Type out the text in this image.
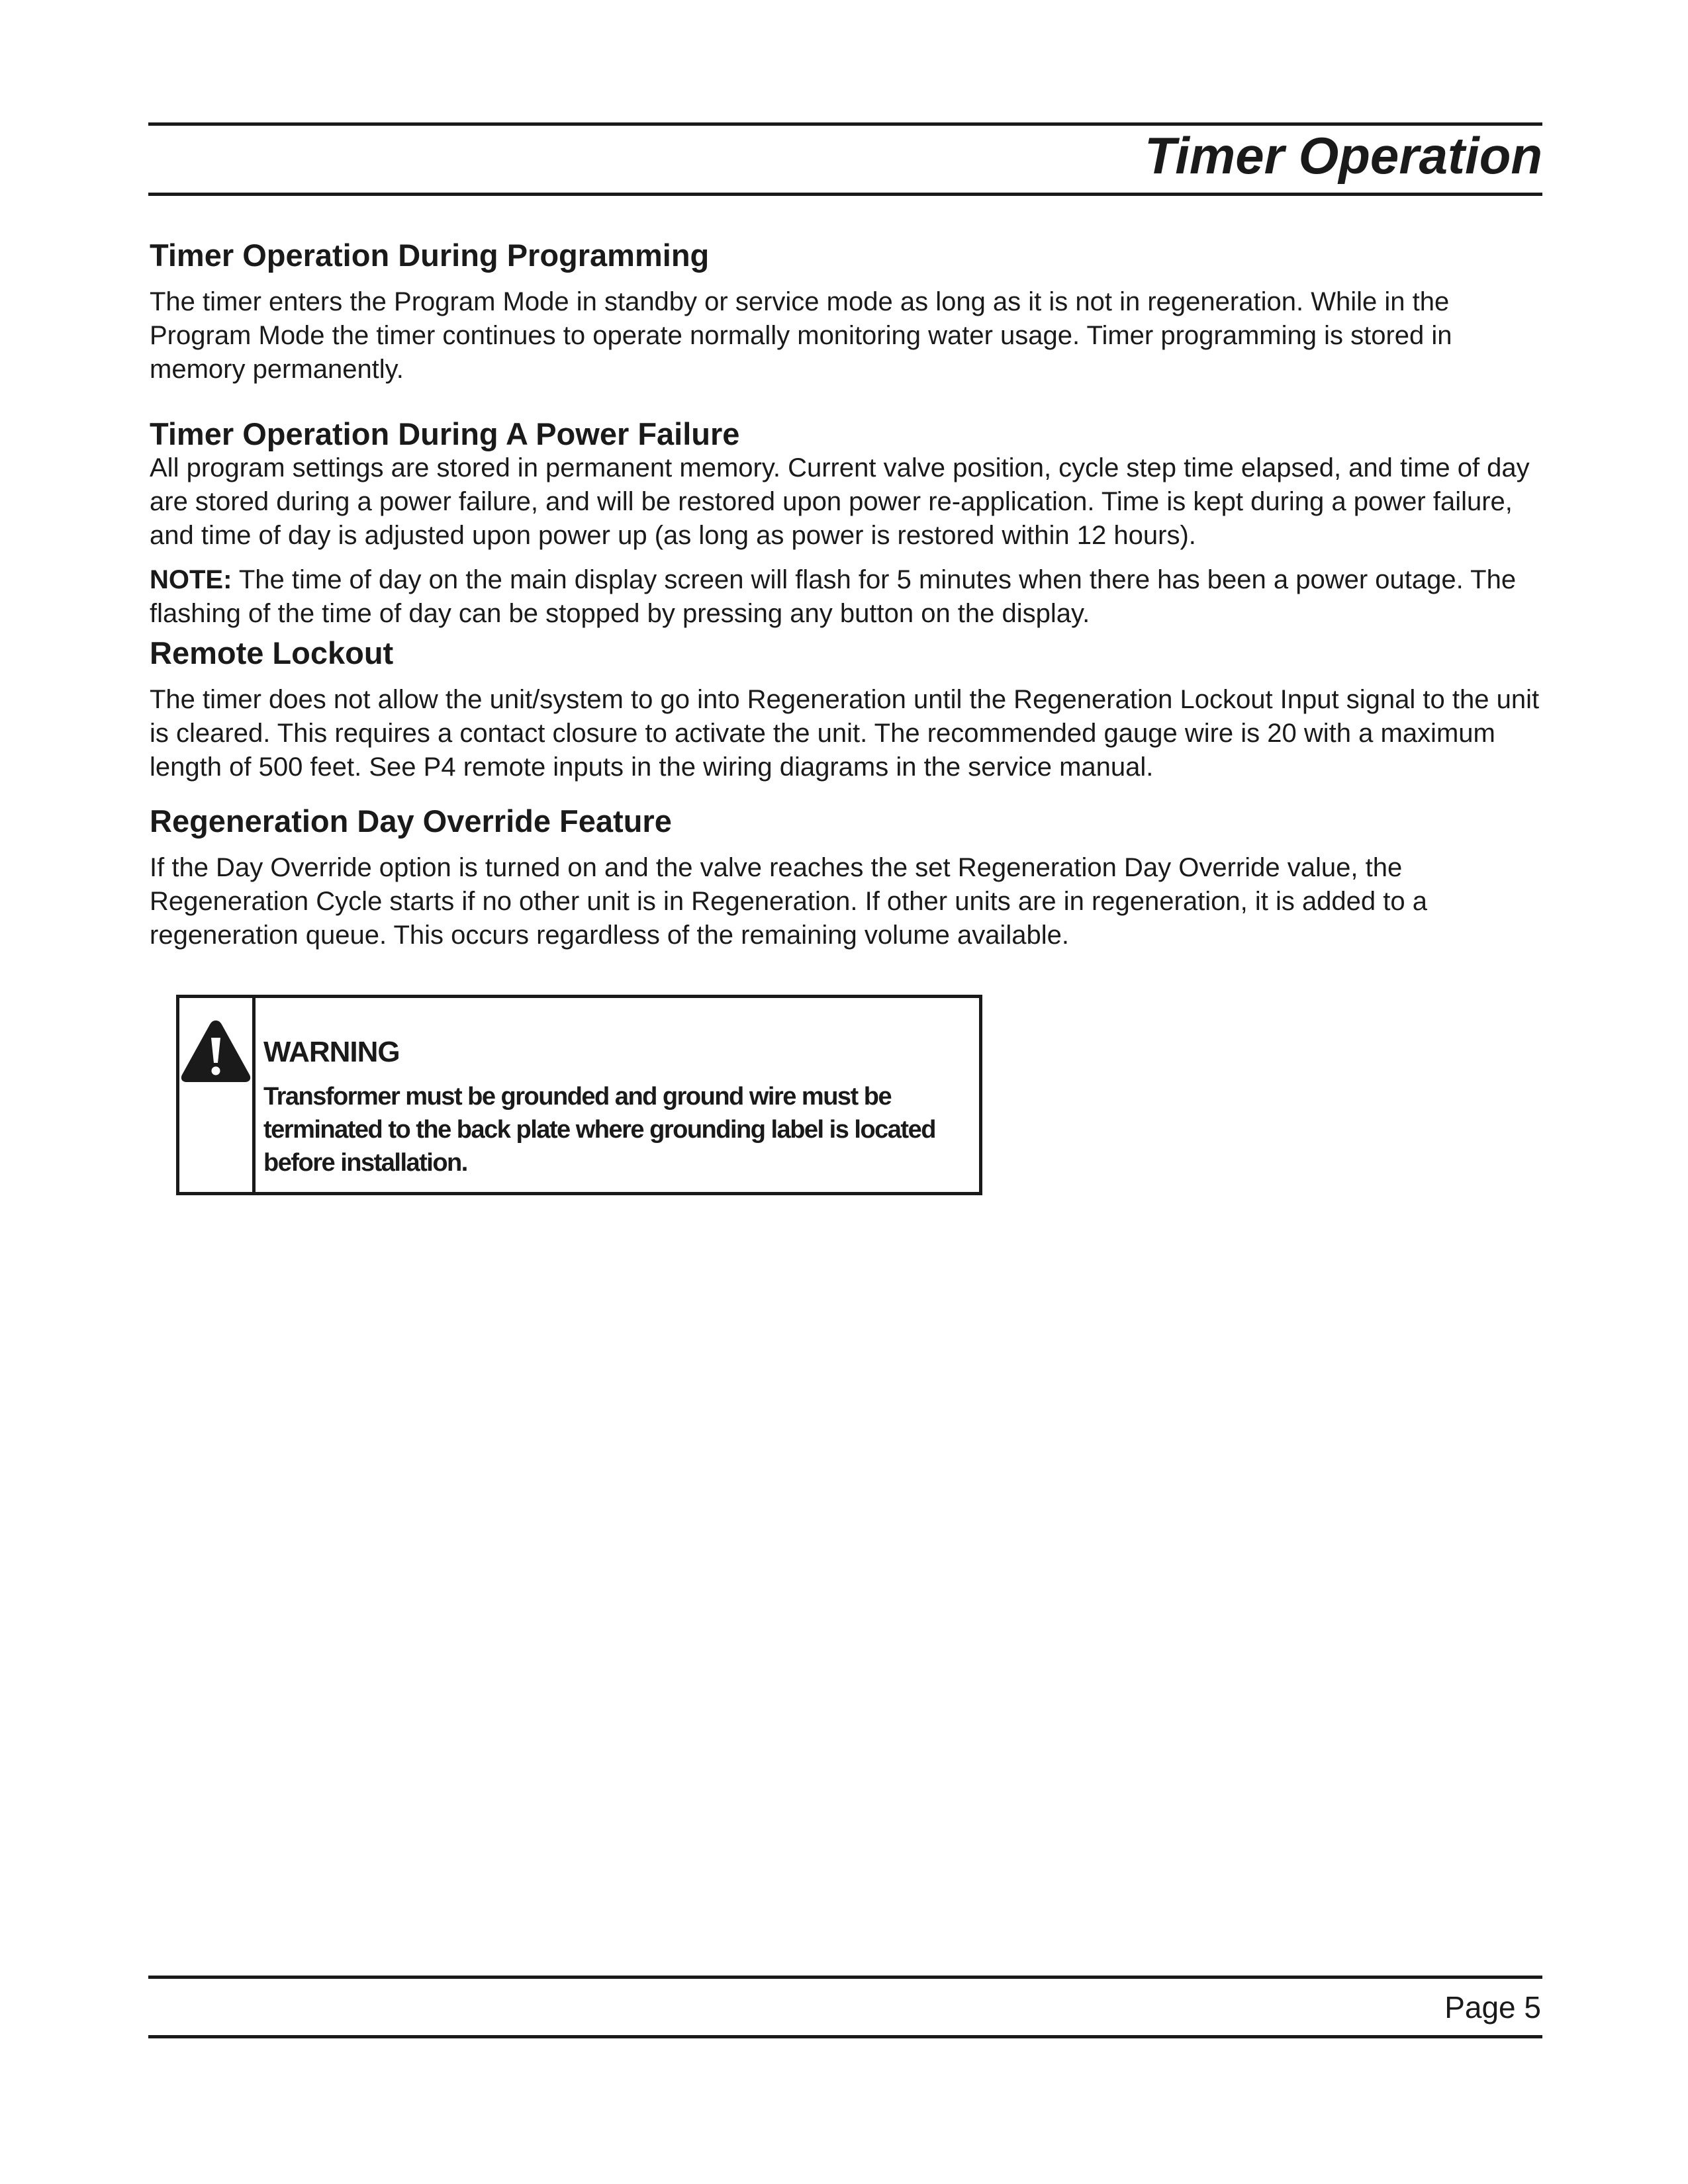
Timer Operation
Timer Operation During Programming

The timer enters the Program Mode in standby or service mode as long as it is not in regeneration. While in the Program Mode the timer continues to operate normally monitoring water usage. Timer programming is stored in memory permanently.

Timer Operation During A Power Failure

All program settings are stored in permanent memory. Current valve position, cycle step time elapsed, and time of day are stored during a power failure, and will be restored upon power re-application. Time is kept during a power failure, and time of day is adjusted upon power up (as long as power is restored within 12 hours).

NOTE: The time of day on the main display screen will flash for 5 minutes when there has been a power outage. The flashing of the time of day can be stopped by pressing any button on the display.

Remote Lockout

The timer does not allow the unit/system to go into Regeneration until the Regeneration Lockout Input signal to the unit is cleared. This requires a contact closure to activate the unit. The recommended gauge wire is 20 with a maximum length of 500 feet. See P4 remote inputs in the wiring diagrams in the service manual.

Regeneration Day Override Feature

If the Day Override option is turned on and the valve reaches the set Regeneration Day Override value, the Regeneration Cycle starts if no other unit is in Regeneration. If other units are in regeneration, it is added to a regeneration queue. This occurs regardless of the remaining volume available.

WARNING

Transformer must be grounded and ground wire must be terminated to the back plate where grounding label is located before installation.

Page 5
